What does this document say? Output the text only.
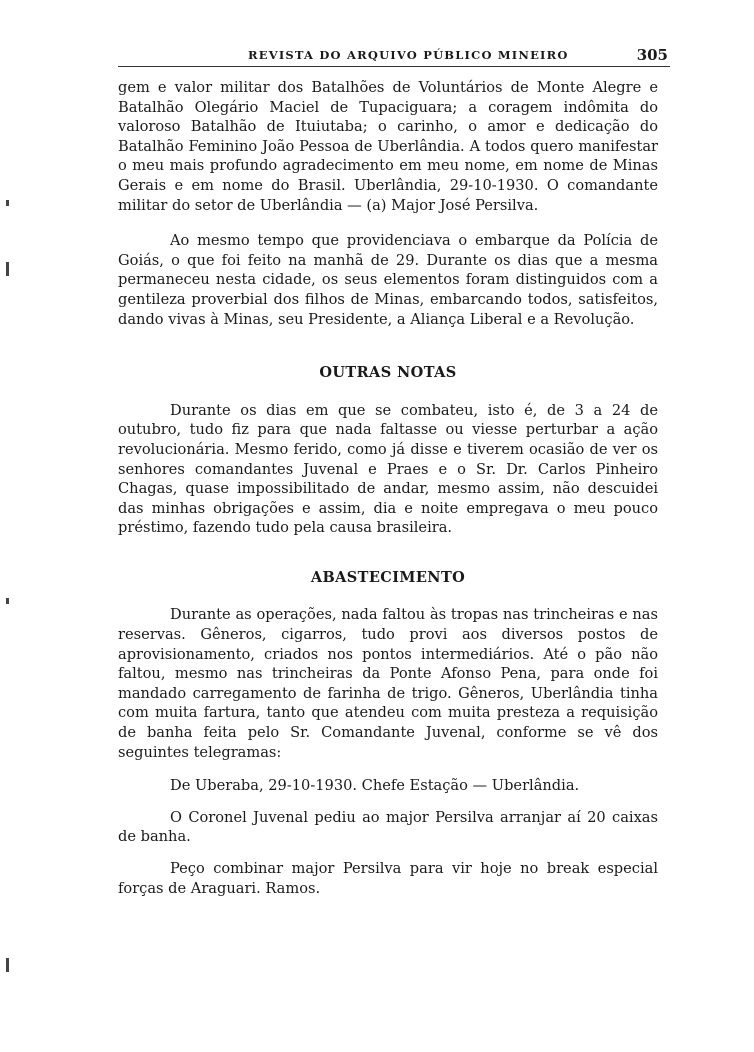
REVISTA DO ARQUIVO PÚBLICO MINEIRO	305

gem e valor militar dos Batalhões de Voluntários de Monte Alegre e Batalhão Olegário Maciel de Tupaciguara; a coragem indômita do valoroso Batalhão de Ituiutaba; o carinho, o amor e dedicação do Batalhão Feminino João Pessoa de Uberlândia. A todos quero manifestar o meu mais profundo agradecimento em meu nome, em nome de Minas Gerais e em nome do Brasil. Uberlândia, 29-10-1930. O comandante militar do setor de Uberlândia — (a) Major José Persilva.

Ao mesmo tempo que providenciava o embarque da Polícia de Goiás, o que foi feito na manhã de 29. Durante os dias que a mesma permaneceu nesta cidade, os seus elementos foram distinguidos com a gentileza proverbial dos filhos de Minas, embarcando todos, satisfeitos, dando vivas à Minas, seu Presidente, a Aliança Liberal e a Revolução.

OUTRAS NOTAS

Durante os dias em que se combateu, isto é, de 3 a 24 de outubro, tudo fiz para que nada faltasse ou viesse perturbar a ação revolucionária. Mesmo ferido, como já disse e tiverem ocasião de ver os senhores comandantes Juvenal e Praes e o Sr. Dr. Carlos Pinheiro Chagas, quase impossibilitado de andar, mesmo assim, não descuidei das minhas obrigações e assim, dia e noite empregava o meu pouco préstimo, fazendo tudo pela causa brasileira.

ABASTECIMENTO

Durante as operações, nada faltou às tropas nas trincheiras e nas reservas. Gêneros, cigarros, tudo provi aos diversos postos de aprovisionamento, criados nos pontos intermediários. Até o pão não faltou, mesmo nas trincheiras da Ponte Afonso Pena, para onde foi mandado carregamento de farinha de trigo. Gêneros, Uberlândia tinha com muita fartura, tanto que atendeu com muita presteza a requisição de banha feita pelo Sr. Comandante Juvenal, conforme se vê dos seguintes telegramas:

De Uberaba, 29-10-1930. Chefe Estação — Uberlândia.

O Coronel Juvenal pediu ao major Persilva arranjar aí 20 caixas de banha.

Peço combinar major Persilva para vir hoje no break especial forças de Araguari. Ramos.
